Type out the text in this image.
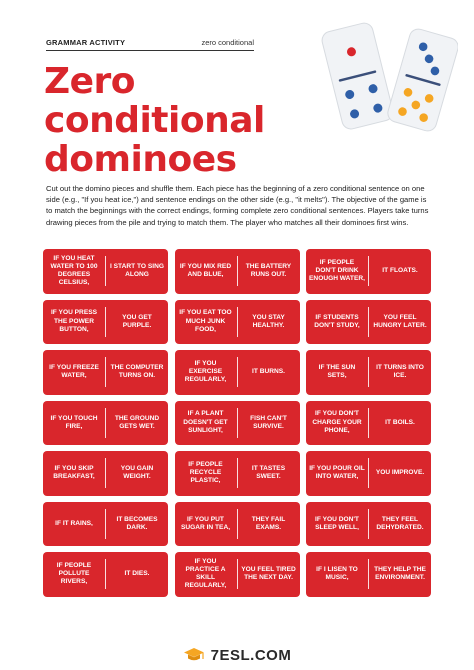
GRAMMAR ACTIVITY	zero conditional
Zero
conditional
dominoes
Cut out the domino pieces and shuffle them. Each piece has the beginning of a zero conditional sentence on one side (e.g., "If you heat ice,") and sentence endings on the other side (e.g., "it melts"). The objective of the game is to match the beginnings with the correct endings, forming complete zero conditional sentences. Players take turns drawing pieces from the pile and trying to match them. The player who matches all their dominoes first wins.
IF YOU HEAT WATER TO 100 DEGREES CELSIUS,
I START TO SING ALONG
IF YOU MIX RED AND BLUE,
THE BATTERY RUNS OUT.
IF PEOPLE DON'T DRINK ENOUGH WATER,
IT FLOATS.
IF YOU PRESS THE POWER BUTTON,
YOU GET PURPLE.
IF YOU EAT TOO MUCH JUNK FOOD,
YOU STAY HEALTHY.
IF STUDENTS DON'T STUDY,
YOU FEEL HUNGRY LATER.
IF YOU FREEZE WATER,
THE COMPUTER TURNS ON.
IF YOU EXERCISE REGULARLY,
IT BURNS.
IF THE SUN SETS,
IT TURNS INTO ICE.
IF YOU TOUCH FIRE,
THE GROUND GETS WET.
IF A PLANT DOESN'T GET SUNLIGHT,
FISH CAN'T SURVIVE.
IF YOU DON'T CHARGE YOUR PHONE,
IT BOILS.
IF YOU SKIP BREAKFAST,
YOU GAIN WEIGHT.
IF PEOPLE RECYCLE PLASTIC,
IT TASTES SWEET.
IF YOU POUR OIL INTO WATER,
YOU IMPROVE.
IF IT RAINS,
IT BECOMES DARK.
IF YOU PUT SUGAR IN TEA,
THEY FAIL EXAMS.
IF YOU DON'T SLEEP WELL,
THEY FEEL DEHYDRATED.
IF PEOPLE POLLUTE RIVERS,
IT DIES.
IF YOU PRACTICE A SKILL REGULARLY,
YOU FEEL TIRED THE NEXT DAY.
IF I LISEN TO MUSIC,
THEY HELP THE ENVIRONMENT.
7ESL.COM
